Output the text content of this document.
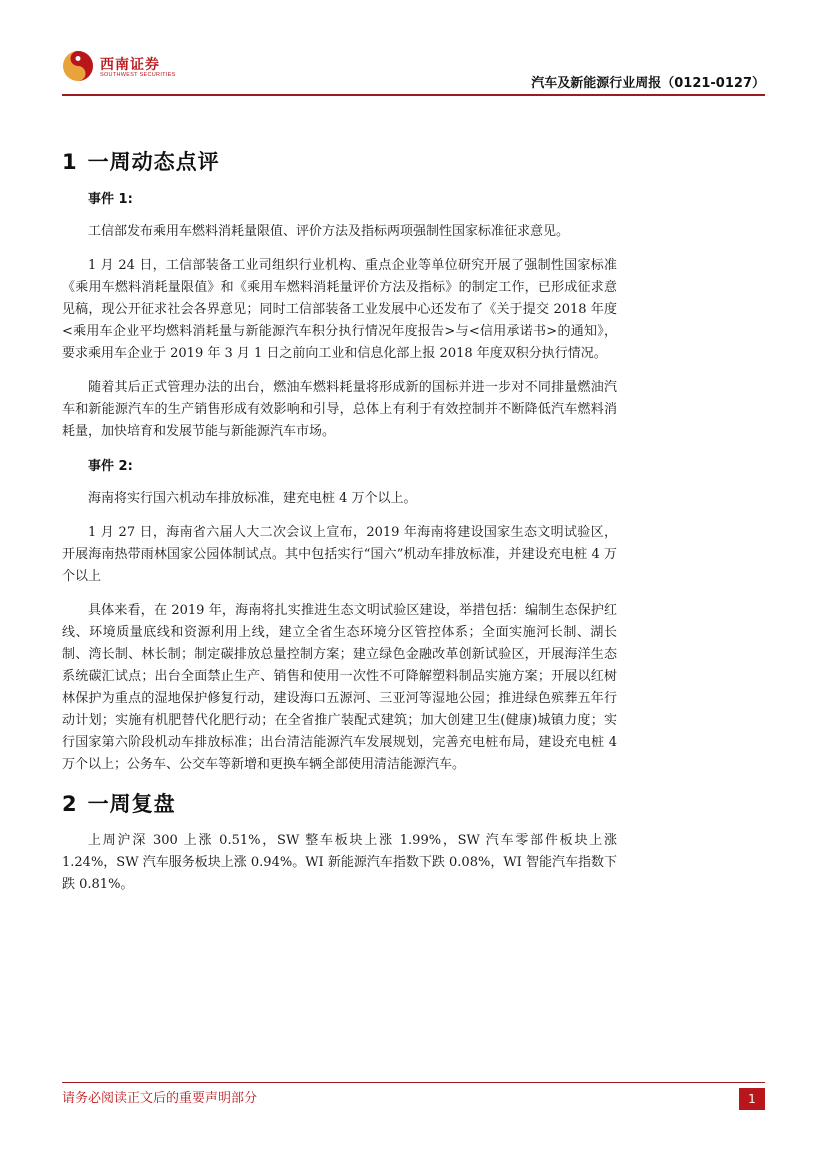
西南证券
SOUTHWEST SECURITIES
汽车及新能源行业周报（0121-0127）
1 一周动态点评
事件 1:

工信部发布乘用车燃料消耗量限值、评价方法及指标两项强制性国家标准征求意见。

1 月 24 日，工信部装备工业司组织行业机构、重点企业等单位研究开展了强制性国家标准《乘用车燃料消耗量限值》和《乘用车燃料消耗量评价方法及指标》的制定工作，已形成征求意见稿，现公开征求社会各界意见；同时工信部装备工业发展中心还发布了《关于提交 2018 年度<乘用车企业平均燃料消耗量与新能源汽车积分执行情况年度报告>与<信用承诺书>的通知》，要求乘用车企业于 2019 年 3 月 1 日之前向工业和信息化部上报 2018 年度双积分执行情况。

随着其后正式管理办法的出台，燃油车燃料耗量将形成新的国标并进一步对不同排量燃油汽车和新能源汽车的生产销售形成有效影响和引导，总体上有利于有效控制并不断降低汽车燃料消耗量，加快培育和发展节能与新能源汽车市场。

事件 2:

海南将实行国六机动车排放标准，建充电桩 4 万个以上。

1 月 27 日，海南省六届人大二次会议上宣布，2019 年海南将建设国家生态文明试验区，开展海南热带雨林国家公园体制试点。其中包括实行“国六”机动车排放标准，并建设充电桩 4 万个以上

具体来看，在 2019 年，海南将扎实推进生态文明试验区建设，举措包括：编制生态保护红线、环境质量底线和资源利用上线，建立全省生态环境分区管控体系；全面实施河长制、湖长制、湾长制、林长制；制定碳排放总量控制方案；建立绿色金融改革创新试验区，开展海洋生态系统碳汇试点；出台全面禁止生产、销售和使用一次性不可降解塑料制品实施方案；开展以红树林保护为重点的湿地保护修复行动，建设海口五源河、三亚河等湿地公园；推进绿色殡葬五年行动计划；实施有机肥替代化肥行动；在全省推广装配式建筑；加大创建卫生(健康)城镇力度；实行国家第六阶段机动车排放标准；出台清洁能源汽车发展规划，完善充电桩布局，建设充电桩 4 万个以上；公务车、公交车等新增和更换车辆全部使用清洁能源汽车。

2 一周复盘

上周沪深 300 上涨 0.51%，SW 整车板块上涨 1.99%，SW 汽车零部件板块上涨 1.24%，SW 汽车服务板块上涨 0.94%。WI 新能源汽车指数下跌 0.08%，WI 智能汽车指数下跌 0.81%。

请务必阅读正文后的重要声明部分	1
